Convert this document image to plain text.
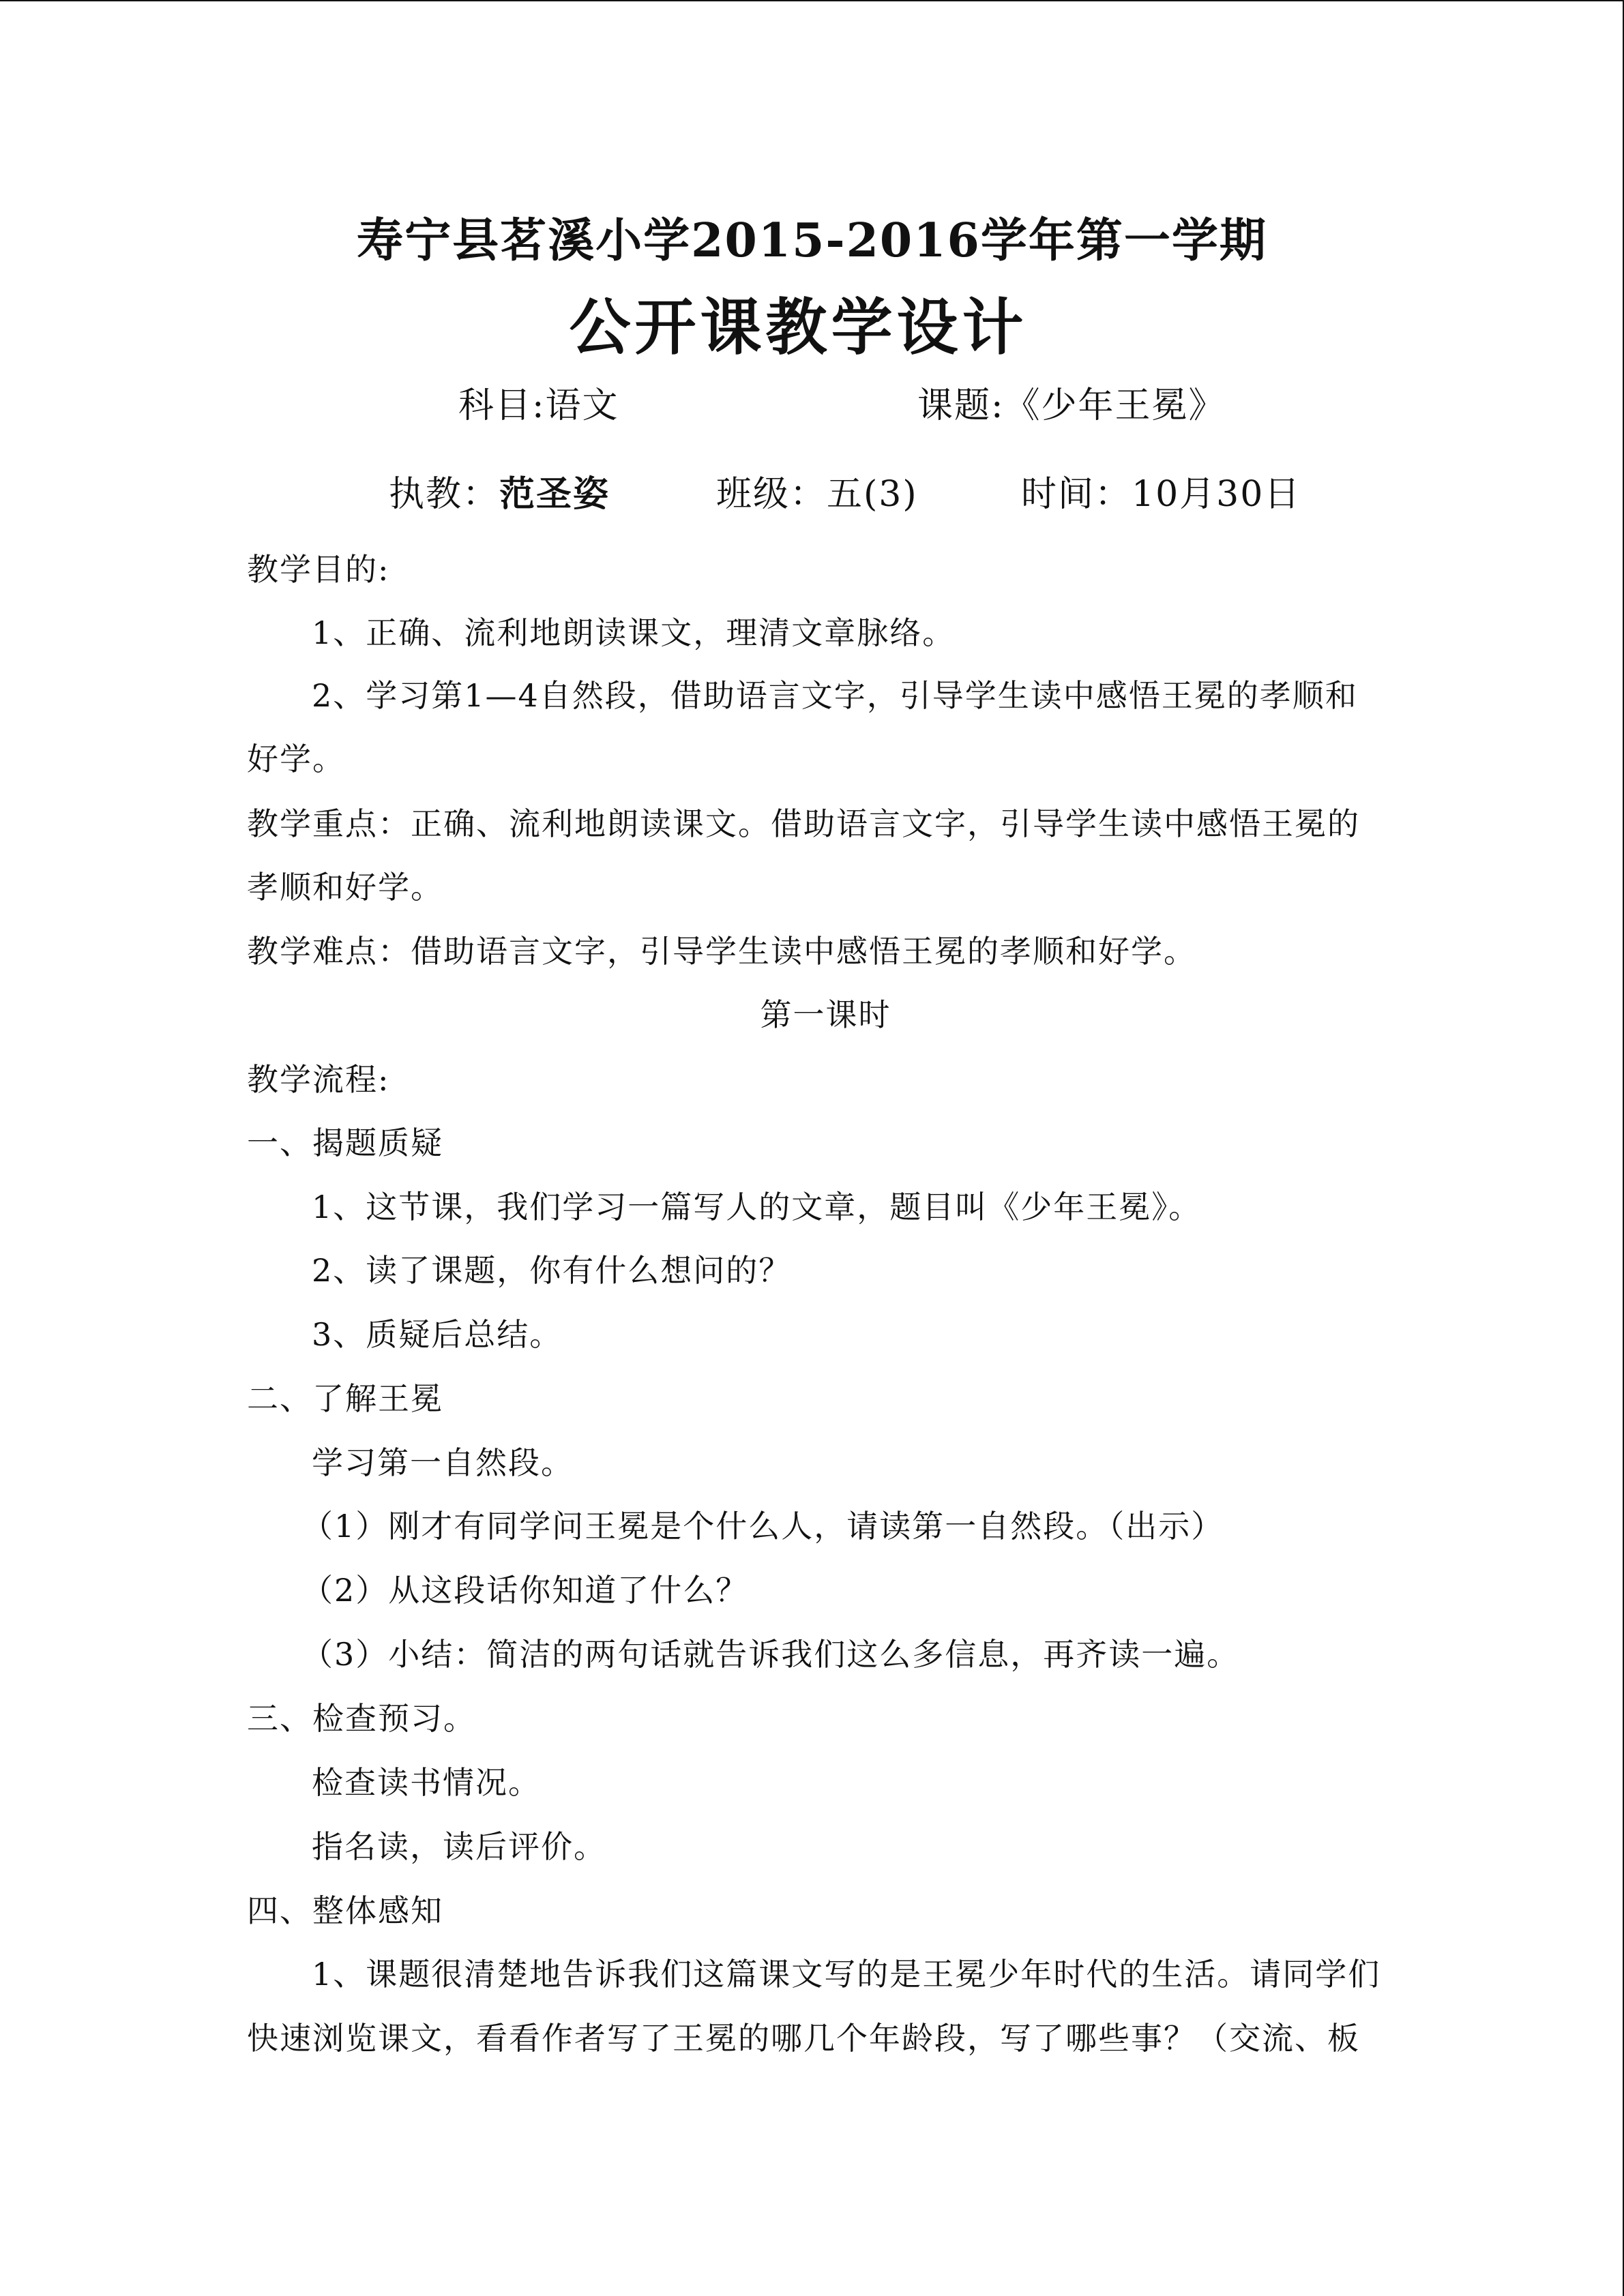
寿宁县茗溪小学2015-2016学年第一学期
公开课教学设计
科目:语文	课题:《少年王冕》
执教：范圣姿	班级：五(3)	时间：10月30日
教学目的:
1、正确、流利地朗读课文，理清文章脉络。
2、学习第1—4自然段，借助语言文字，引导学生读中感悟王冕的孝顺和
好学。
教学重点：正确、流利地朗读课文。借助语言文字，引导学生读中感悟王冕的
孝顺和好学。
教学难点：借助语言文字，引导学生读中感悟王冕的孝顺和好学。
第一课时
教学流程:
一、揭题质疑
1、这节课，我们学习一篇写人的文章，题目叫《少年王冕》。
2、读了课题，你有什么想问的？
3、质疑后总结。
二、了解王冕
学习第一自然段。
（1）刚才有同学问王冕是个什么人，请读第一自然段。（出示）
（2）从这段话你知道了什么？
（3）小结：简洁的两句话就告诉我们这么多信息，再齐读一遍。
三、检查预习。
检查读书情况。
指名读，读后评价。
四、整体感知
1、课题很清楚地告诉我们这篇课文写的是王冕少年时代的生活。请同学们
快速浏览课文，看看作者写了王冕的哪几个年龄段，写了哪些事？（交流、板
